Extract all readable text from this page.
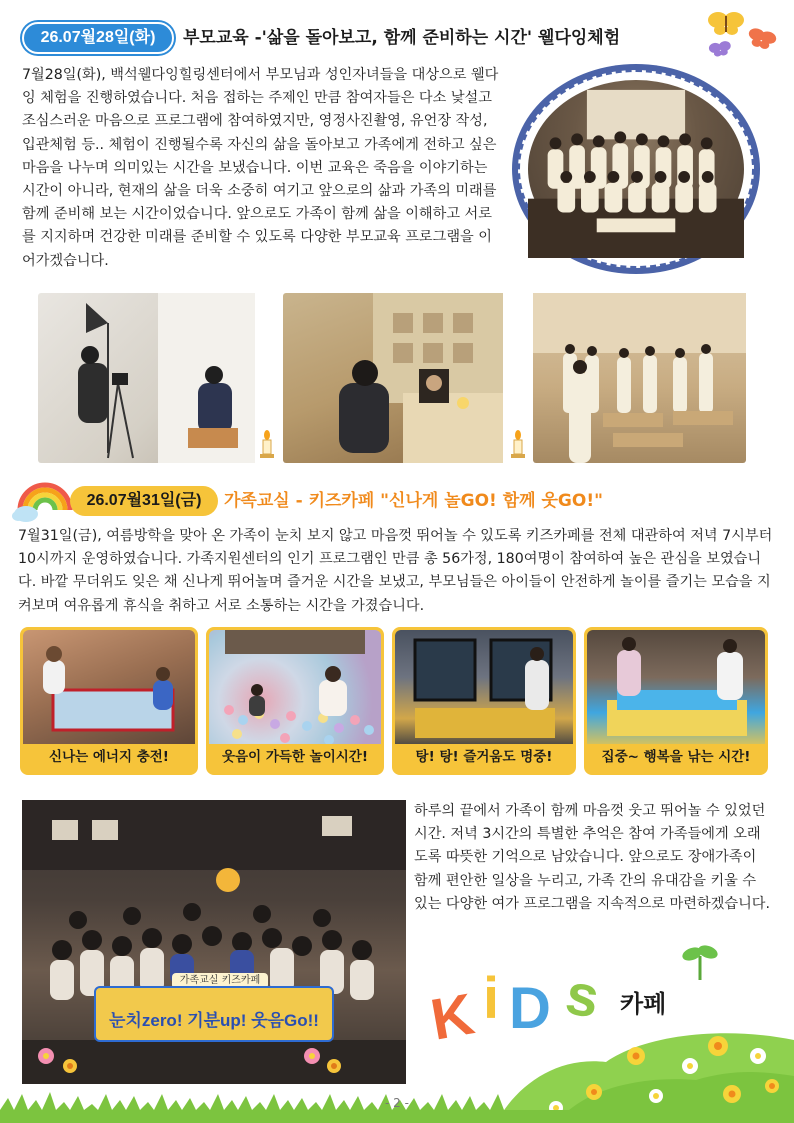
26.07월28일(화)	부모교육 -'삶을 돌아보고, 함께 준비하는 시간' 웰다잉체험

7월28일(화), 백석웰다잉힐링센터에서 부모님과 성인자녀들을 대상으로 웰다잉 체험을 진행하였습니다. 처음 접하는 주제인 만큼 참여자들은 다소 낯설고 조심스러운 마음으로 프로그램에 참여하였지만, 영정사진촬영, 유언장 작성, 입관체험 등.. 체험이 진행될수록 자신의 삶을 돌아보고 가족에게 전하고 싶은 마음을 나누며 의미있는 시간을 보냈습니다. 이번 교육은 죽음을 이야기하는 시간이 아니라, 현재의 삶을 더욱 소중히 여기고 앞으로의 삶과 가족의 미래를 함께 준비해 보는 시간이었습니다. 앞으로도 가족이 함께 삶을 이해하고 서로를 지지하며 건강한 미래를 준비할 수 있도록 다양한 부모교육 프로그램을 이어가겠습니다.

26.07월31일(금)	가족교실 - 키즈카페 "신나게 놀GO! 함께 웃GO!"

7월31일(금), 여름방학을 맞아 온 가족이 눈치 보지 않고 마음껏 뛰어놀 수 있도록 키즈카페를 전체 대관하여 저녁 7시부터 10시까지 운영하였습니다. 가족지원센터의 인기 프로그램인 만큼 총 56가정, 180여명이 참여하여 높은 관심을 보였습니다. 바깥 무더위도 잊은 채 신나게 뛰어놀며 즐거운 시간을 보냈고, 부모님들은 아이들이 안전하게 놀이를 즐기는 모습을 지켜보며 여유롭게 휴식을 취하고 서로 소통하는 시간을 가졌습니다.

신나는 에너지 충전!	웃음이 가득한 놀이시간!	탕! 탕! 즐거움도 명중!	집중~ 행복을 낚는 시간!
가족교실 키즈카페
눈치zero! 기분up! 웃음Go!!

하루의 끝에서 가족이 함께 마음껏 웃고 뛰어놀 수 있었던 시간. 저녁 3시간의 특별한 추억은 참여 가족들에게 오래도록 따뜻한 기억으로 남았습니다. 앞으로도 장애가족이 함께 편안한 일상을 누리고, 가족 간의 유대감을 키울 수 있는 다양한 여가 프로그램을 지속적으로 마련하겠습니다.

K i D s
KiDs
카페
- 2 -
